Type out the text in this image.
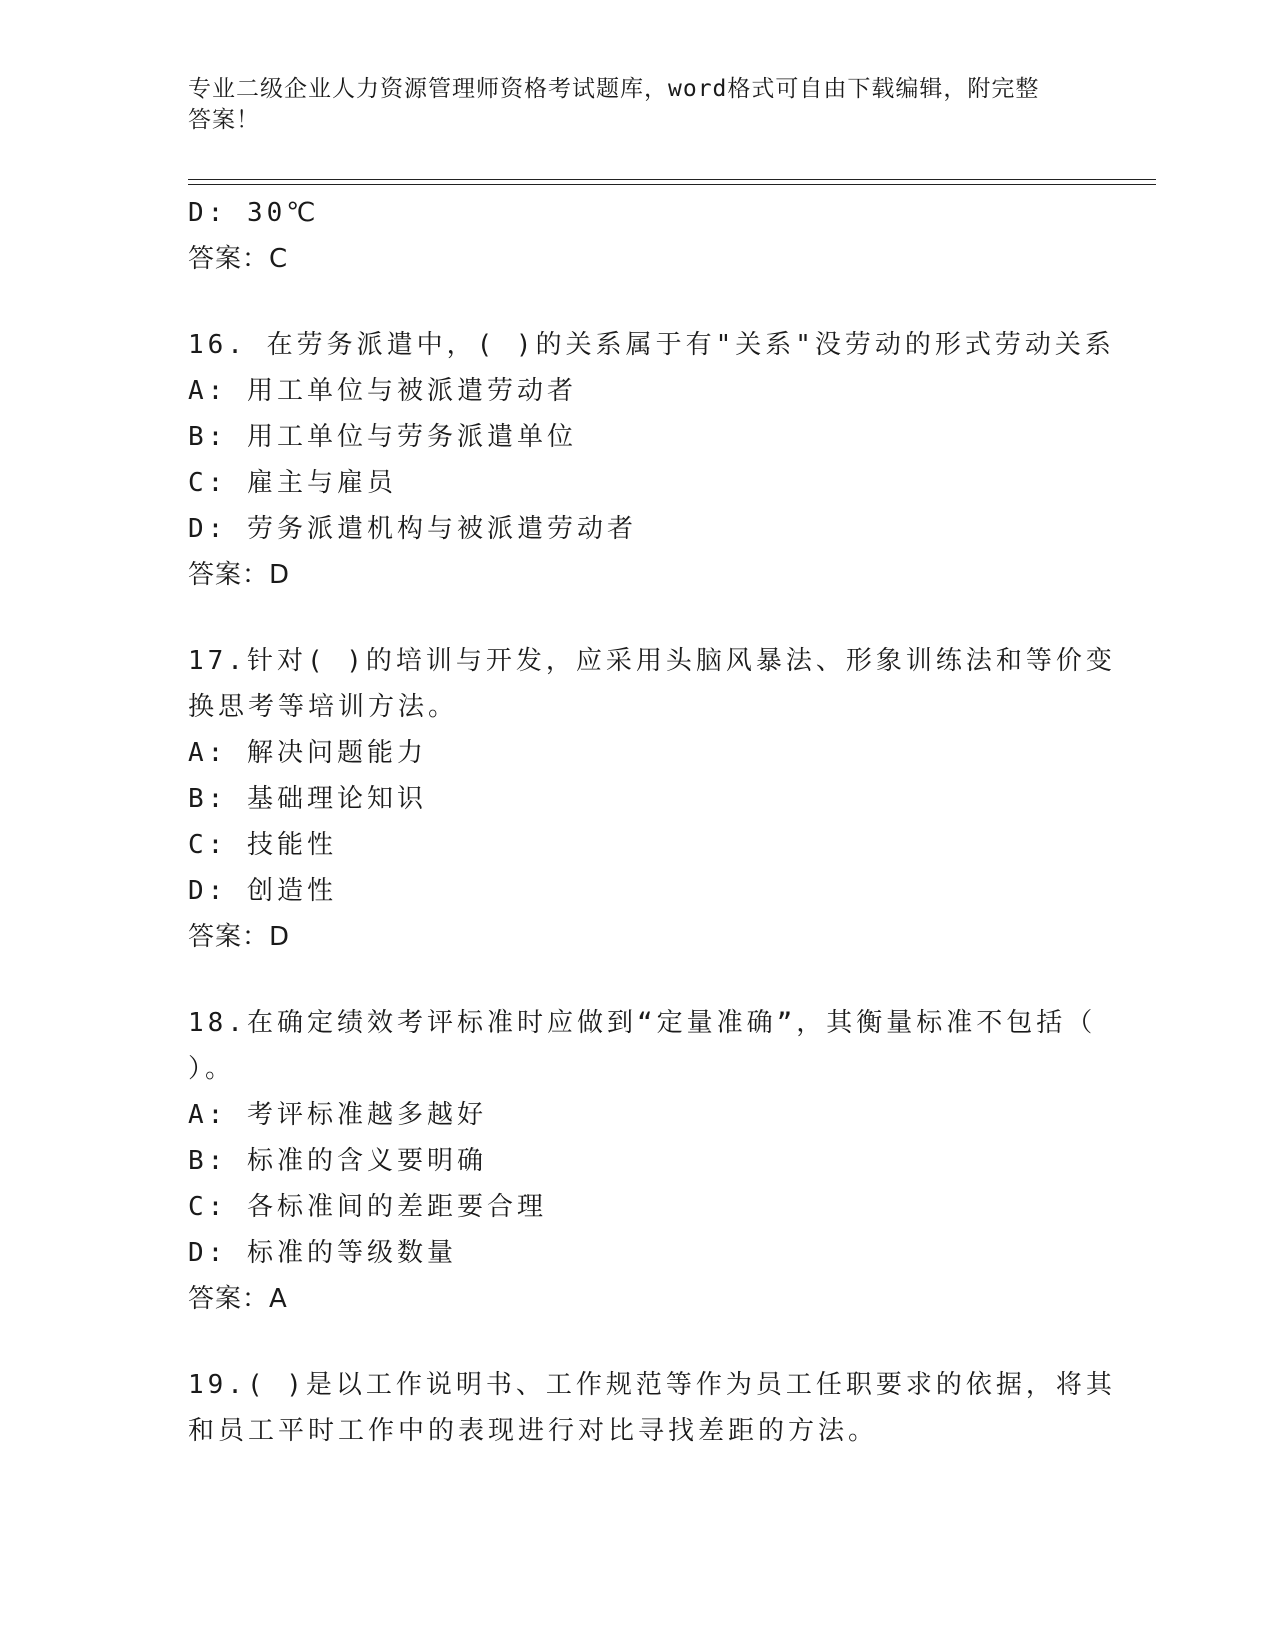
专业二级企业人力资源管理师资格考试题库，word格式可自由下载编辑，附完整
答案！
D: 30℃
答案：C
16. 在劳务派遣中，( )的关系属于有"关系"没劳动的形式劳动关系
A: 用工单位与被派遣劳动者
B: 用工单位与劳务派遣单位
C: 雇主与雇员
D: 劳务派遣机构与被派遣劳动者
答案：D
17.针对( )的培训与开发，应采用头脑风暴法、形象训练法和等价变
换思考等培训方法。
A: 解决问题能力
B: 基础理论知识
C: 技能性
D: 创造性
答案：D
18.在确定绩效考评标准时应做到“定量准确”，其衡量标准不包括（
）。
A: 考评标准越多越好
B: 标准的含义要明确
C: 各标准间的差距要合理
D: 标准的等级数量
答案：A
19.( )是以工作说明书、工作规范等作为员工任职要求的依据，将其
和员工平时工作中的表现进行对比寻找差距的方法。
